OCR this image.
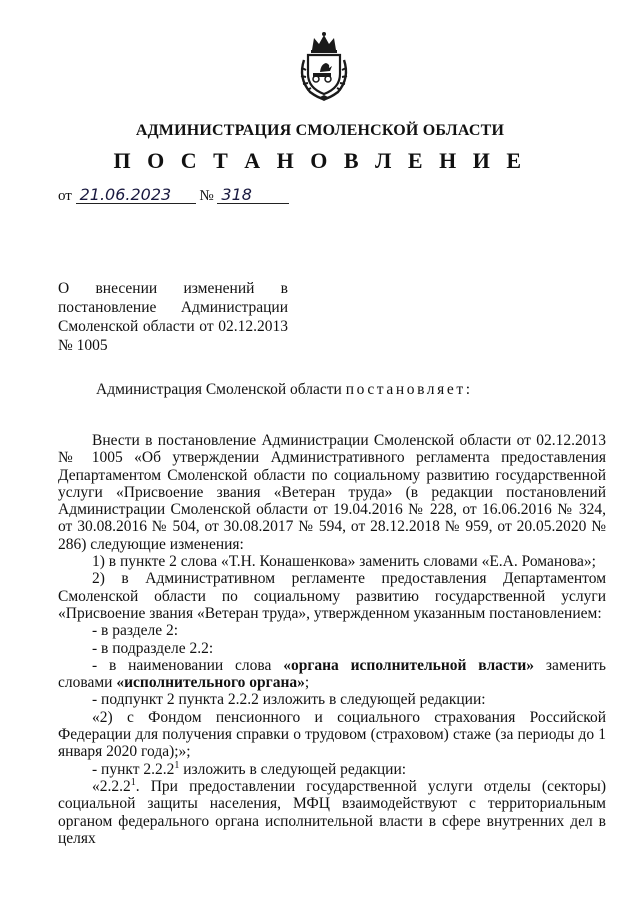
АДМИНИСТРАЦИЯ СМОЛЕНСКОЙ ОБЛАСТИ
П О С Т А Н О В Л Е Н И Е
от 21.06.2023 № 318
О внесении изменений в
постановление Администрации
Смоленской области от 02.12.2013
№ 1005
Администрация Смоленской области постановляет:

Внести в постановление Администрации Смоленской области от 02.12.2013 № 1005 «Об утверждении Административного регламента предоставления Департаментом Смоленской области по социальному развитию государственной услуги «Присвоение звания «Ветеран труда» (в редакции постановлений Администрации Смоленской области от 19.04.2016 № 228, от 16.06.2016 № 324, от 30.08.2016 № 504, от 30.08.2017 № 594, от 28.12.2018 № 959, от 20.05.2020 № 286) следующие изменения:

1) в пункте 2 слова «Т.Н. Конашенкова» заменить словами «Е.А. Романова»;

2) в Административном регламенте предоставления Департаментом Смоленской области по социальному развитию государственной услуги «Присвоение звания «Ветеран труда», утвержденном указанным постановлением:

- в разделе 2:

- в подразделе 2.2:

- в наименовании слова «органа исполнительной власти» заменить словами «исполнительного органа»;

- подпункт 2 пункта 2.2.2 изложить в следующей редакции:

«2) с Фондом пенсионного и социального страхования Российской Федерации для получения справки о трудовом (страховом) стаже (за периоды до 1 января 2020 года);»;

- пункт 2.2.2$^1$ изложить в следующей редакции:

«2.2.2$^1$. При предоставлении государственной услуги отделы (секторы) социальной защиты населения, МФЦ взаимодействуют с территориальным органом федерального органа исполнительной власти в сфере внутренних дел в целях
